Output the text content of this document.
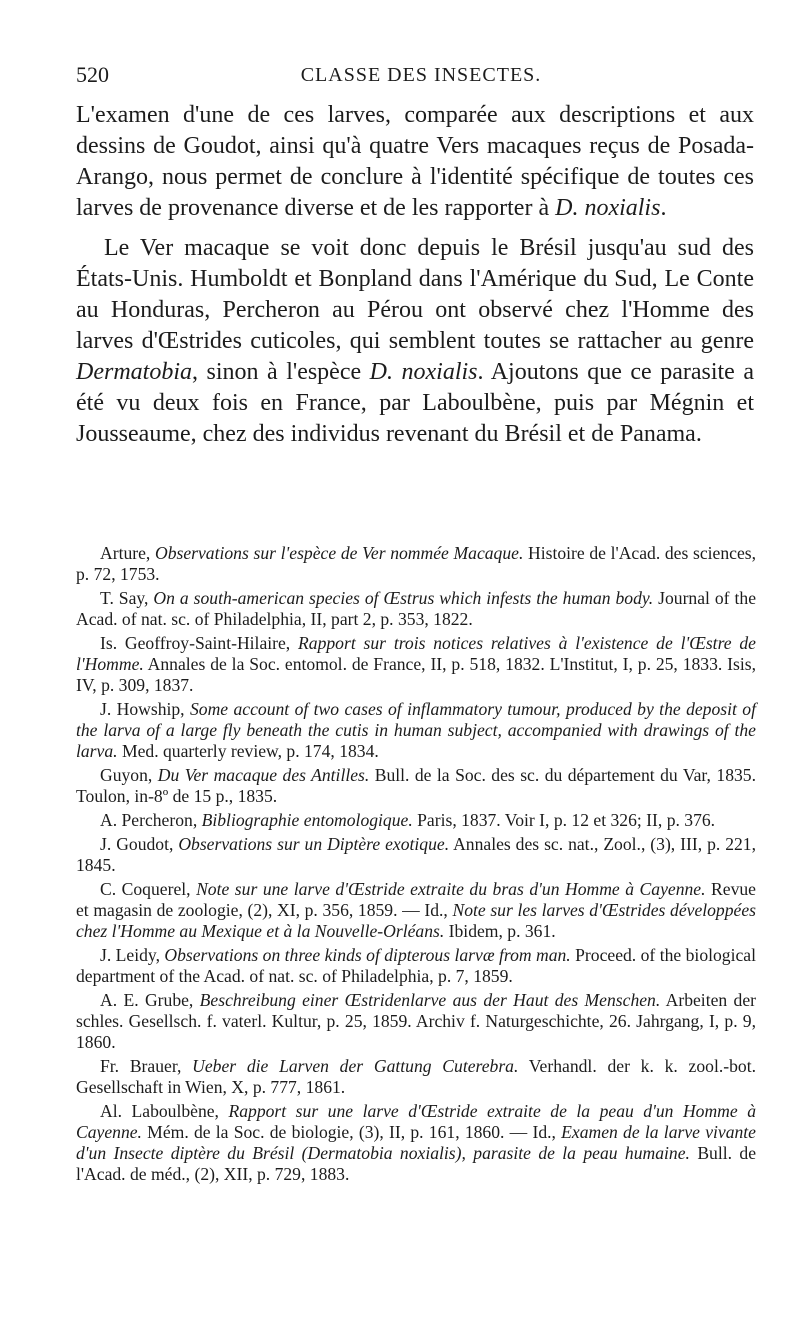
520	CLASSE DES INSECTES.

L'examen d'une de ces larves, comparée aux descriptions et aux dessins de Goudot, ainsi qu'à quatre Vers macaques reçus de Posada-Arango, nous permet de conclure à l'identité spécifique de toutes ces larves de provenance diverse et de les rapporter à D. noxialis.

Le Ver macaque se voit donc depuis le Brésil jusqu'au sud des États-Unis. Humboldt et Bonpland dans l'Amérique du Sud, Le Conte au Honduras, Percheron au Pérou ont observé chez l'Homme des larves d'Œstrides cuticoles, qui semblent toutes se rattacher au genre Dermatobia, sinon à l'espèce D. noxialis. Ajoutons que ce parasite a été vu deux fois en France, par Laboulbène, puis par Mégnin et Jousseaume, chez des individus revenant du Brésil et de Panama.

Arture, Observations sur l'espèce de Ver nommée Macaque. Histoire de l'Acad. des sciences, p. 72, 1753.

T. Say, On a south-american species of Œstrus which infests the human body. Journal of the Acad. of nat. sc. of Philadelphia, II, part 2, p. 353, 1822.

Is. Geoffroy-Saint-Hilaire, Rapport sur trois notices relatives à l'existence de l'Œstre de l'Homme. Annales de la Soc. entomol. de France, II, p. 518, 1832. L'Institut, I, p. 25, 1833. Isis, IV, p. 309, 1837.

J. Howship, Some account of two cases of inflammatory tumour, produced by the deposit of the larva of a large fly beneath the cutis in human subject, accompanied with drawings of the larva. Med. quarterly review, p. 174, 1834.

Guyon, Du Ver macaque des Antilles. Bull. de la Soc. des sc. du département du Var, 1835. Toulon, in-8º de 15 p., 1835.

A. Percheron, Bibliographie entomologique. Paris, 1837. Voir I, p. 12 et 326; II, p. 376.

J. Goudot, Observations sur un Diptère exotique. Annales des sc. nat., Zool., (3), III, p. 221, 1845.

C. Coquerel, Note sur une larve d'Œstride extraite du bras d'un Homme à Cayenne. Revue et magasin de zoologie, (2), XI, p. 356, 1859. — Id., Note sur les larves d'Œstrides développées chez l'Homme au Mexique et à la Nouvelle-Orléans. Ibidem, p. 361.

J. Leidy, Observations on three kinds of dipterous larvæ from man. Proceed. of the biological department of the Acad. of nat. sc. of Philadelphia, p. 7, 1859.

A. E. Grube, Beschreibung einer Œstridenlarve aus der Haut des Menschen. Arbeiten der schles. Gesellsch. f. vaterl. Kultur, p. 25, 1859. Archiv f. Naturgeschichte, 26. Jahrgang, I, p. 9, 1860.

Fr. Brauer, Ueber die Larven der Gattung Cuterebra. Verhandl. der k. k. zool.-bot. Gesellschaft in Wien, X, p. 777, 1861.

Al. Laboulbène, Rapport sur une larve d'Œstride extraite de la peau d'un Homme à Cayenne. Mém. de la Soc. de biologie, (3), II, p. 161, 1860. — Id., Examen de la larve vivante d'un Insecte diptère du Brésil (Dermatobia noxialis), parasite de la peau humaine. Bull. de l'Acad. de méd., (2), XII, p. 729, 1883.
